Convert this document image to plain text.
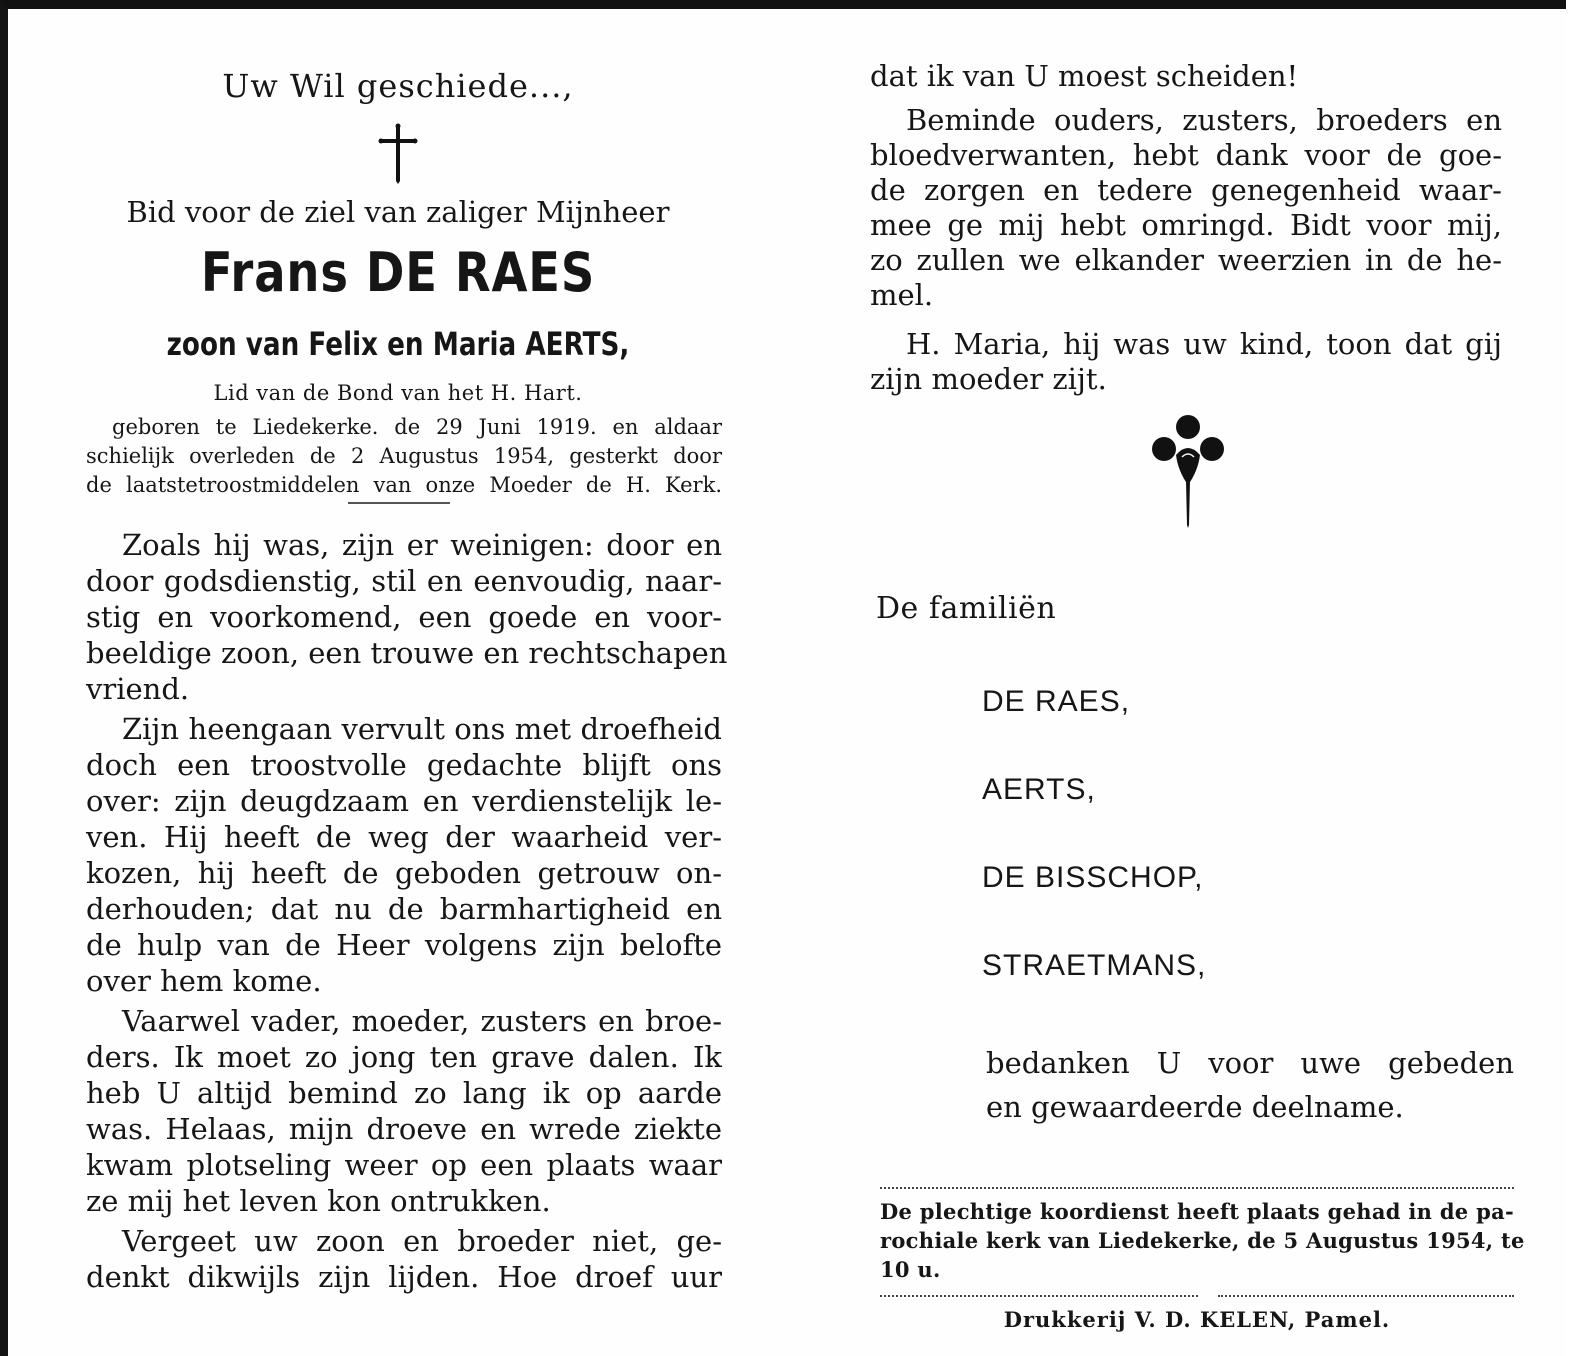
Uw Wil geschiede...,
Bid voor de ziel van zaliger Mijnheer
Frans DE RAES
zoon van Felix en Maria AERTS,
Lid van de Bond van het H. Hart.
geboren te Liedekerke. de 29 Juni 1919. en aldaar
schielijk overleden de 2 Augustus 1954, gesterkt door
de laatstetroostmiddelen van onze Moeder de H. Kerk.
Zoals hij was, zijn er weinigen: door en
door godsdienstig, stil en eenvoudig, naar-
stig en voorkomend, een goede en voor-
beeldige zoon, een trouwe en rechtschapen
vriend.
Zijn heengaan vervult ons met droefheid
doch een troostvolle gedachte blijft ons
over: zijn deugdzaam en verdienstelijk le-
ven. Hij heeft de weg der waarheid ver-
kozen, hij heeft de geboden getrouw on-
derhouden; dat nu de barmhartigheid en
de hulp van de Heer volgens zijn belofte
over hem kome.
Vaarwel vader, moeder, zusters en broe-
ders. Ik moet zo jong ten grave dalen. Ik
heb U altijd bemind zo lang ik op aarde
was. Helaas, mijn droeve en wrede ziekte
kwam plotseling weer op een plaats waar
ze mij het leven kon ontrukken.
Vergeet uw zoon en broeder niet, ge-
denkt dikwijls zijn lijden. Hoe droef uur
dat ik van U moest scheiden!
Beminde ouders, zusters, broeders en
bloedverwanten, hebt dank voor de goe-
de zorgen en tedere genegenheid waar-
mee ge mij hebt omringd. Bidt voor mij,
zo zullen we elkander weerzien in de he-
mel.
H. Maria, hij was uw kind, toon dat gij
zijn moeder zijt.
De familiën
DE RAES,
AERTS,
DE BISSCHOP,
STRAETMANS,
bedanken U voor uwe gebeden
en gewaardeerde deelname.
De plechtige koordienst heeft plaats gehad in de pa-
rochiale kerk van Liedekerke, de 5 Augustus 1954, te
10 u.
Drukkerij V. D. KELEN, Pamel.
